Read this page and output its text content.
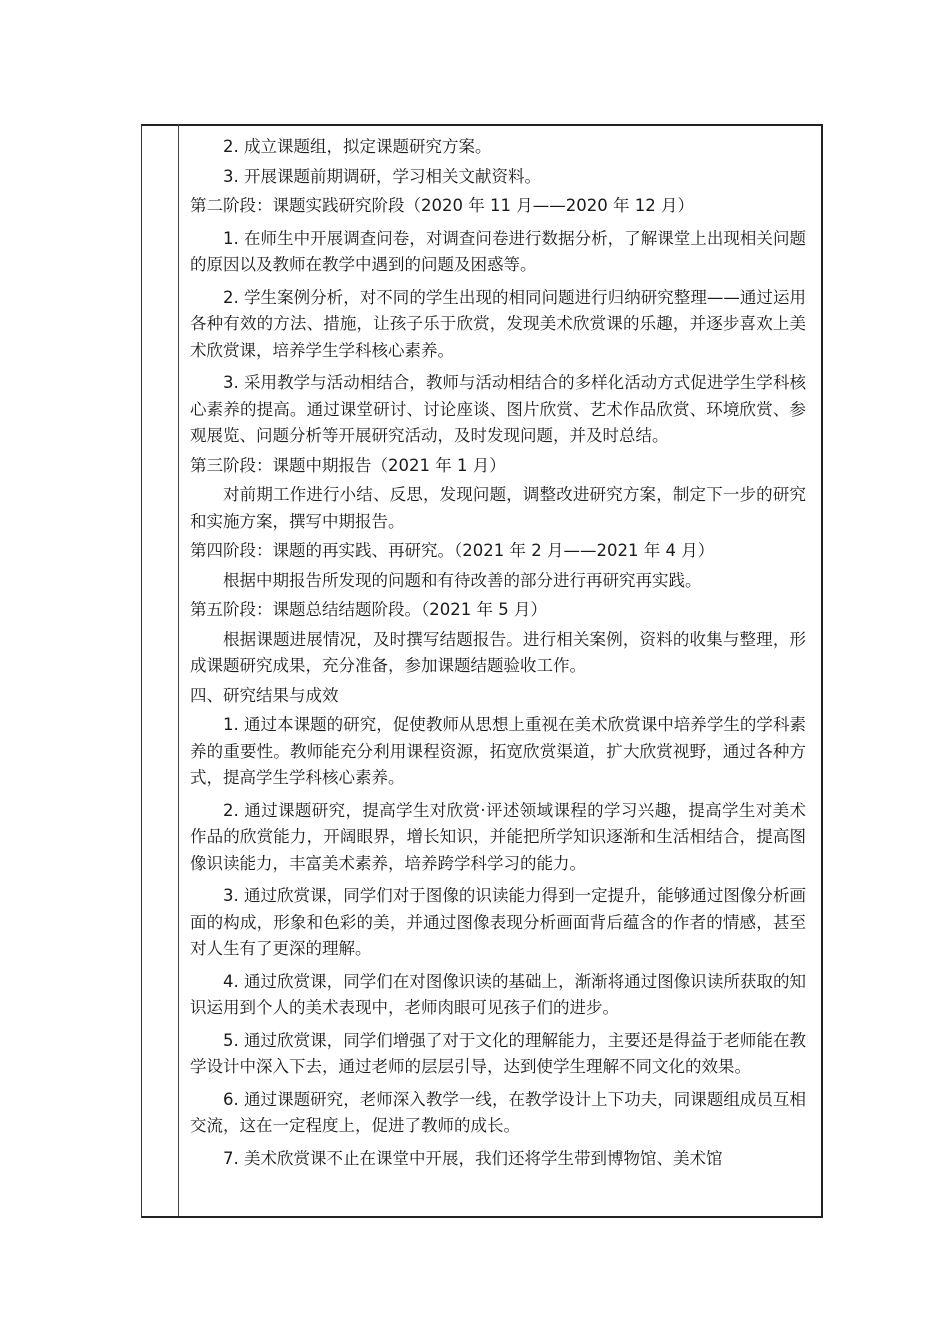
2. 成立课题组，拟定课题研究方案。

3. 开展课题前期调研，学习相关文献资料。

第二阶段：课题实践研究阶段（2020 年 11 月——2020 年 12 月）

1. 在师生中开展调查问卷，对调查问卷进行数据分析，了解课堂上出现相关问题的原因以及教师在教学中遇到的问题及困惑等。

2. 学生案例分析，对不同的学生出现的相同问题进行归纳研究整理——通过运用各种有效的方法、措施，让孩子乐于欣赏，发现美术欣赏课的乐趣，并逐步喜欢上美术欣赏课，培养学生学科核心素养。

3. 采用教学与活动相结合，教师与活动相结合的多样化活动方式促进学生学科核心素养的提高。通过课堂研讨、讨论座谈、图片欣赏、艺术作品欣赏、环境欣赏、参观展览、问题分析等开展研究活动，及时发现问题，并及时总结。

第三阶段：课题中期报告（2021 年 1 月）

对前期工作进行小结、反思，发现问题，调整改进研究方案，制定下一步的研究和实施方案，撰写中期报告。

第四阶段：课题的再实践、再研究。（2021 年 2 月——2021 年 4 月）

根据中期报告所发现的问题和有待改善的部分进行再研究再实践。

第五阶段：课题总结结题阶段。（2021 年 5 月）

根据课题进展情况，及时撰写结题报告。进行相关案例，资料的收集与整理，形成课题研究成果，充分准备，参加课题结题验收工作。

四、研究结果与成效

1. 通过本课题的研究，促使教师从思想上重视在美术欣赏课中培养学生的学科素养的重要性。教师能充分利用课程资源，拓宽欣赏渠道，扩大欣赏视野，通过各种方式，提高学生学科核心素养。

2. 通过课题研究，提高学生对欣赏·评述领域课程的学习兴趣，提高学生对美术作品的欣赏能力，开阔眼界，增长知识，并能把所学知识逐渐和生活相结合，提高图像识读能力，丰富美术素养，培养跨学科学习的能力。

3. 通过欣赏课，同学们对于图像的识读能力得到一定提升，能够通过图像分析画面的构成，形象和色彩的美，并通过图像表现分析画面背后蕴含的作者的情感，甚至对人生有了更深的理解。

4. 通过欣赏课，同学们在对图像识读的基础上，渐渐将通过图像识读所获取的知识运用到个人的美术表现中，老师肉眼可见孩子们的进步。

5. 通过欣赏课，同学们增强了对于文化的理解能力，主要还是得益于老师能在教学设计中深入下去，通过老师的层层引导，达到使学生理解不同文化的效果。

6. 通过课题研究，老师深入教学一线，在教学设计上下功夫，同课题组成员互相交流，这在一定程度上，促进了教师的成长。

7. 美术欣赏课不止在课堂中开展，我们还将学生带到博物馆、美术馆
